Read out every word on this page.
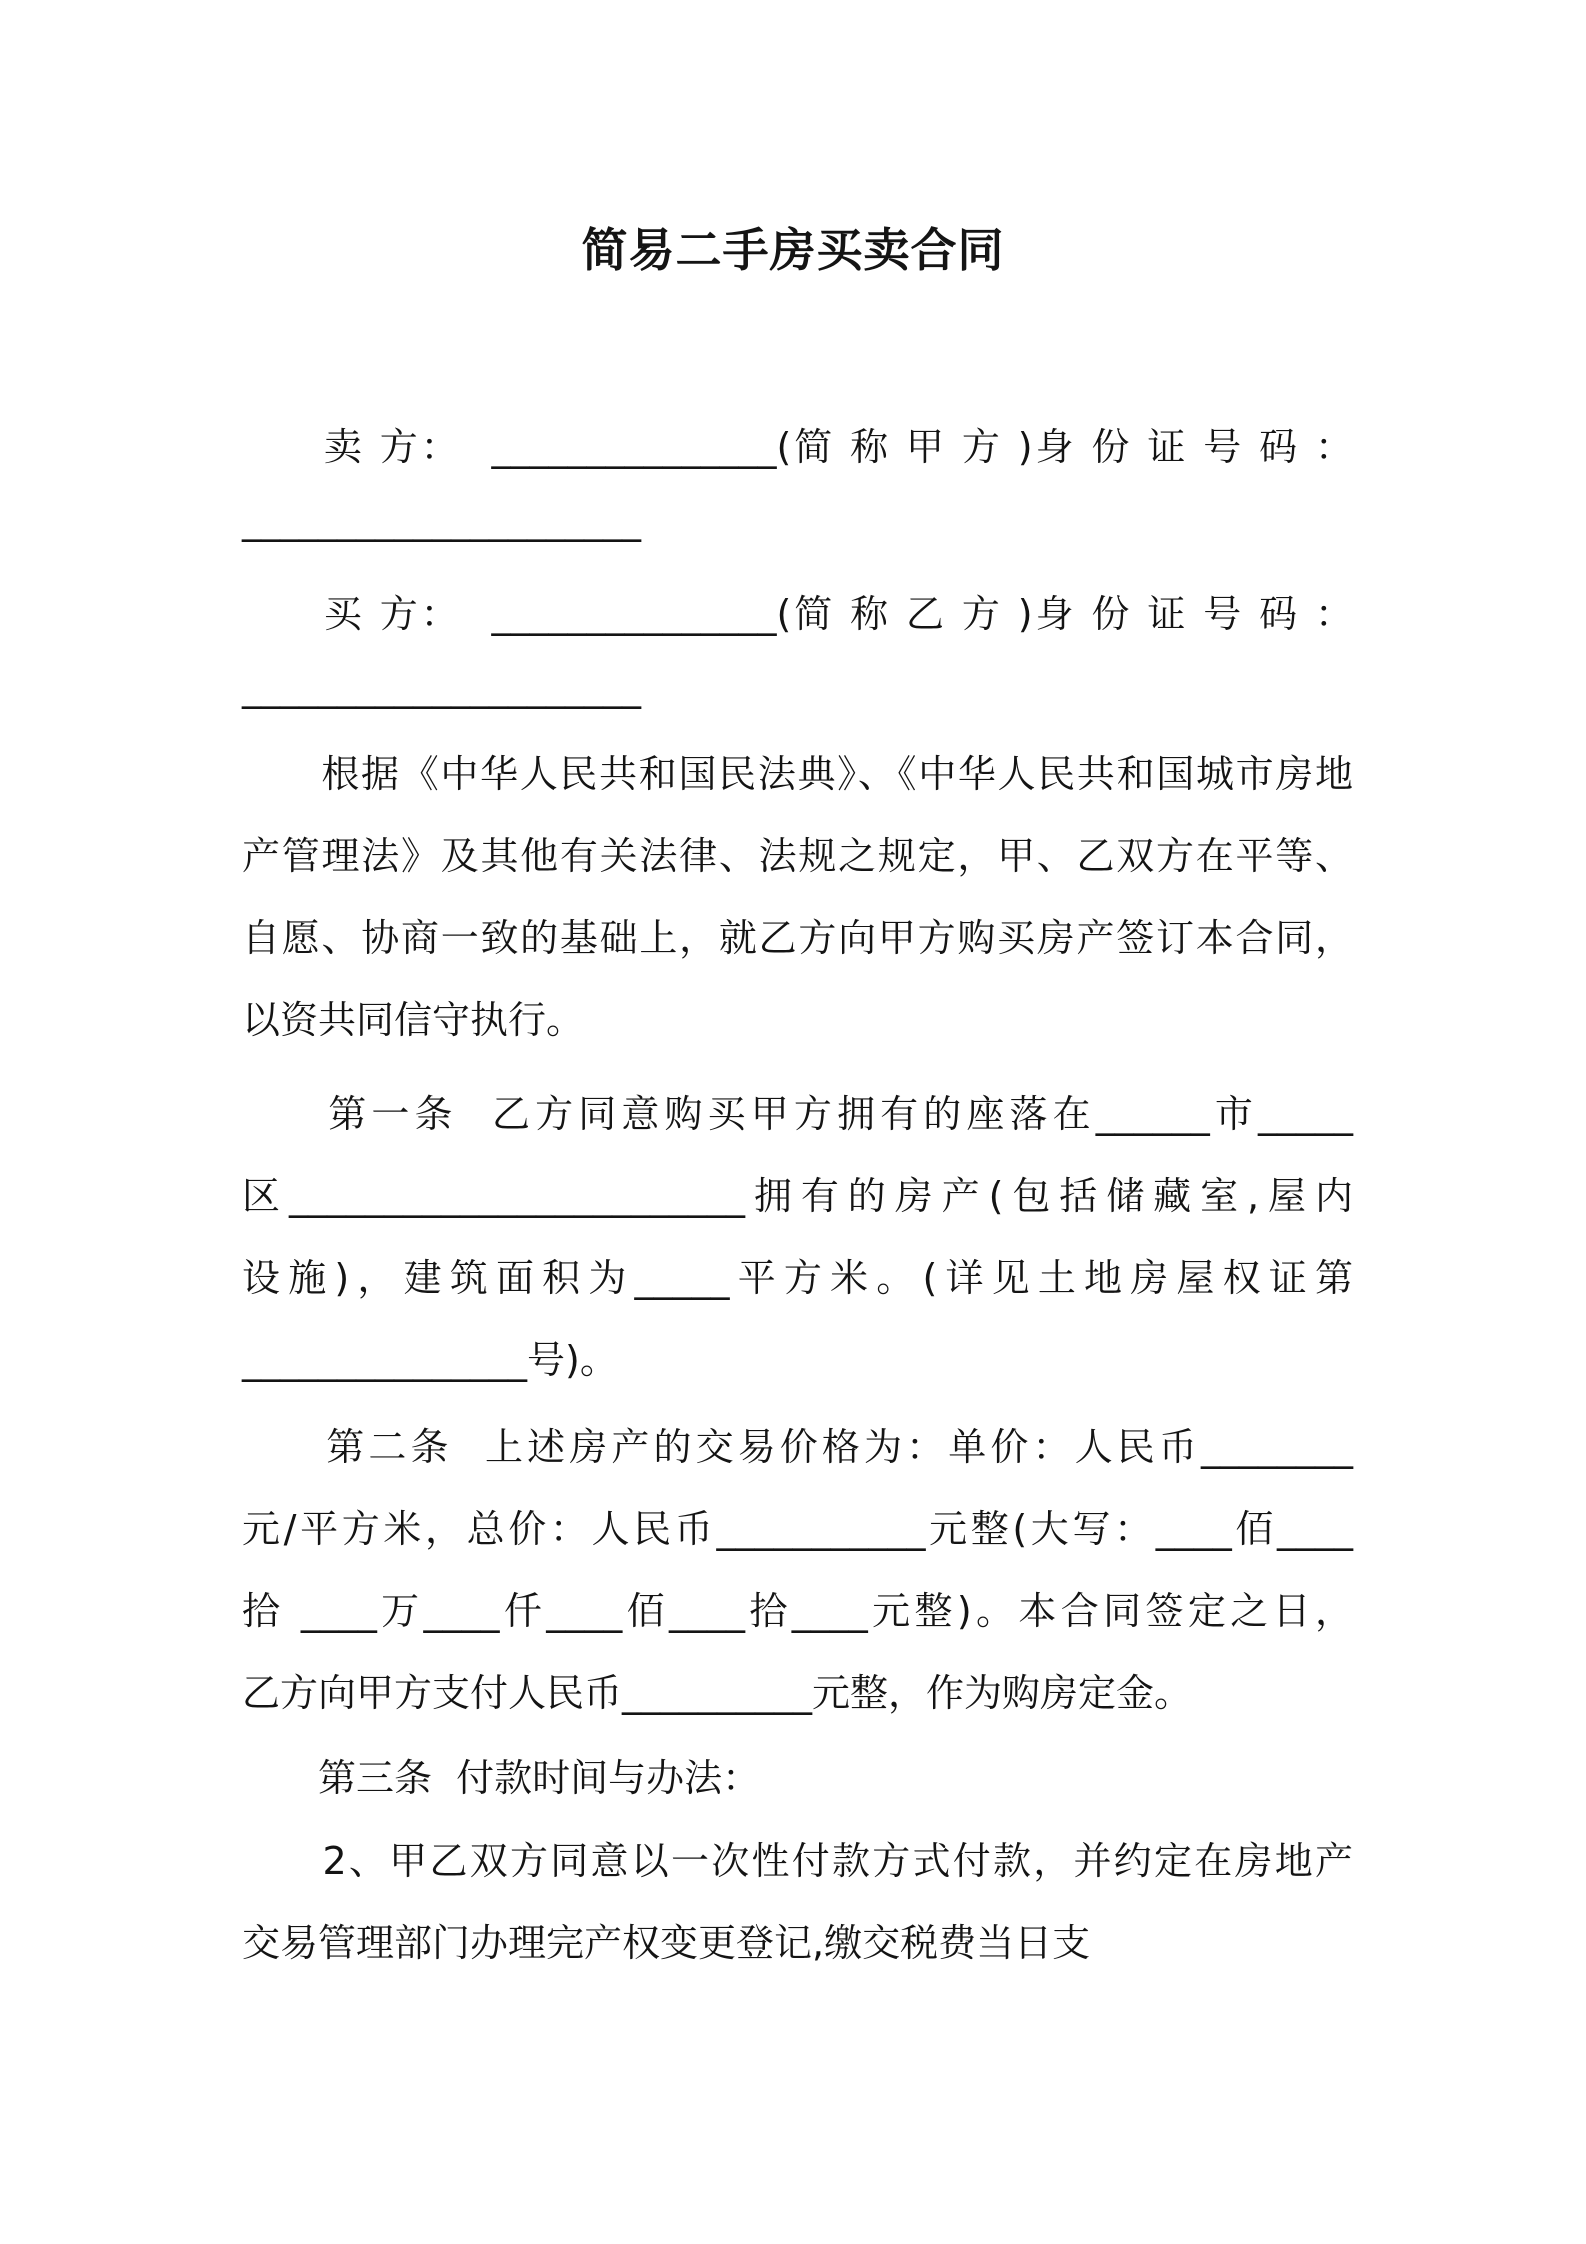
简易二手房买卖合同
　　卖 方：  _______________(简 称 甲 方 )身 份 证 号 码 ：
_____________________
　　买 方：  _______________(简 称 乙 方 )身 份 证 号 码 ：
_____________________
　　根据《中华人民共和国民法典》、《中华人民共和国城市房地
产管理法》及其他有关法律、法规之规定，甲、乙双方在平等、
自愿、协商一致的基础上，就乙方向甲方购买房产签订本合同，
以资共同信守执行。
　　第一条  乙方同意购买甲方拥有的座落在______市_____
区________________________拥有的房产(包括储藏室,屋内
设施)，建筑面积为_____平方米。(详见土地房屋权证第
_______________号)。
　　第二条  上述房产的交易价格为：单价：人民币________
元/平方米，总价：人民币___________元整(大写：____佰____
拾 ____万____仟____佰____拾____元整)。本合同签定之日，
乙方向甲方支付人民币__________元整，作为购房定金。
　　第三条  付款时间与办法：
　　2、甲乙双方同意以一次性付款方式付款，并约定在房地产
交易管理部门办理完产权变更登记,缴交税费当日支
